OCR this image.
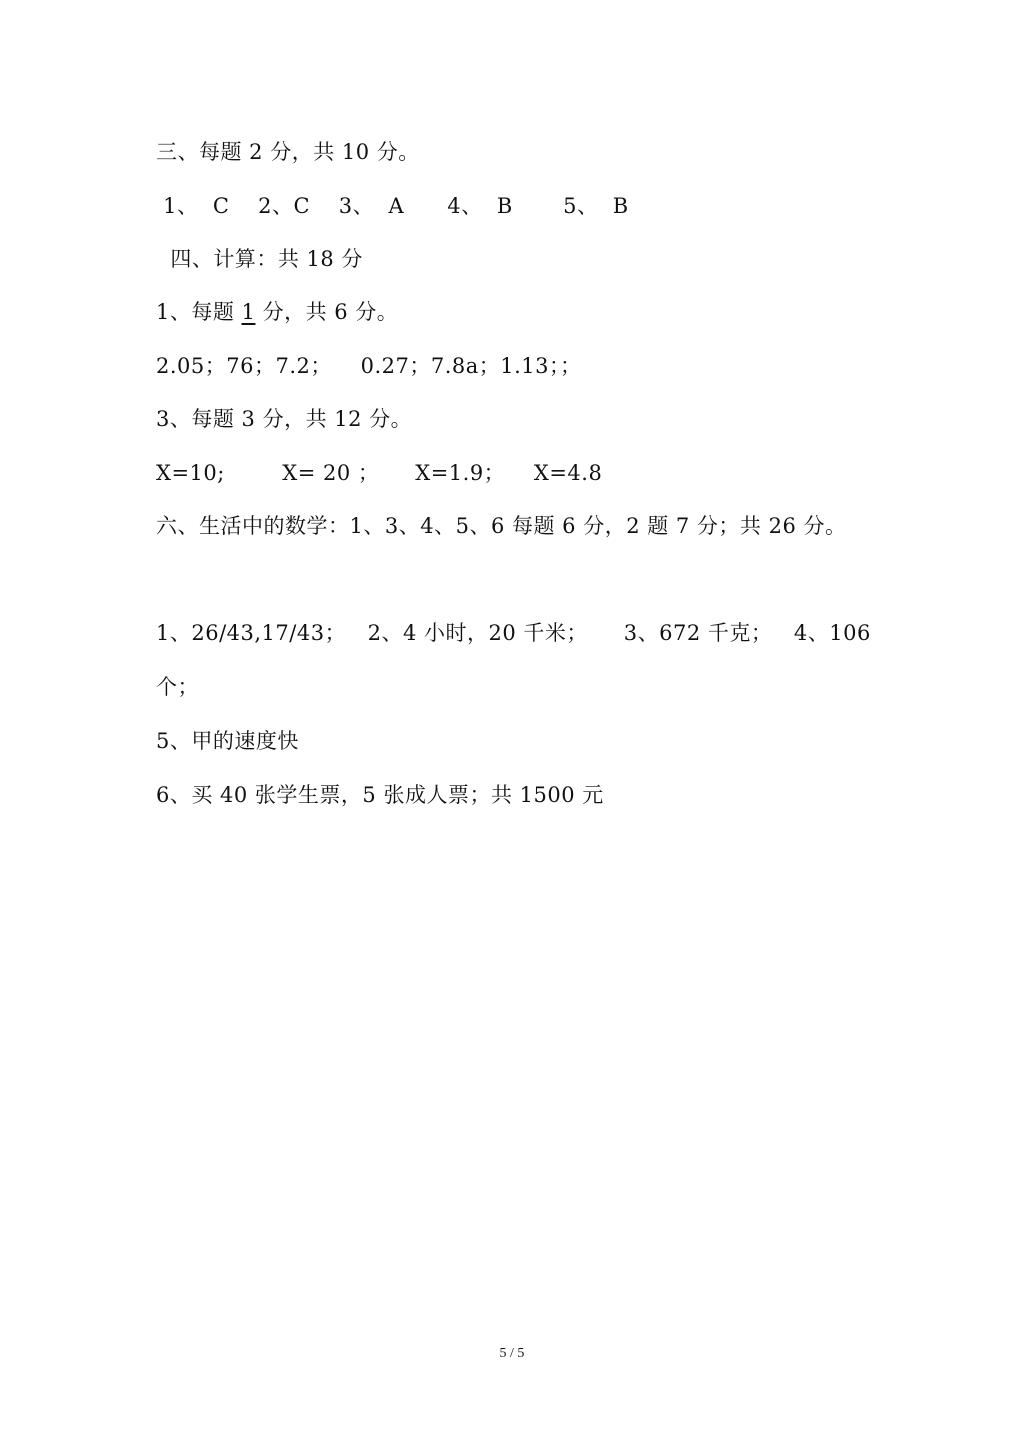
三、每题 2 分，共 10 分。
1、  C    2、C    3、  A      4、  B       5、  B
四、计算：共 18 分
1、每题 1 分，共 6 分。
2.05；76；7.2；    0.27；7.8a；1.13；；
3、每题 3 分，共 12 分。
X=10;        X= 20 ；     X=1.9；    X=4.8
六、生活中的数学：1、3、4、5、6 每题 6 分，2 题 7 分；共 26 分。
1、26/43,17/43；   2、4 小时，20 千米；     3、672 千克；   4、106
个；
5、甲的速度快
6、买 40 张学生票，5 张成人票；共 1500 元
5 / 5
